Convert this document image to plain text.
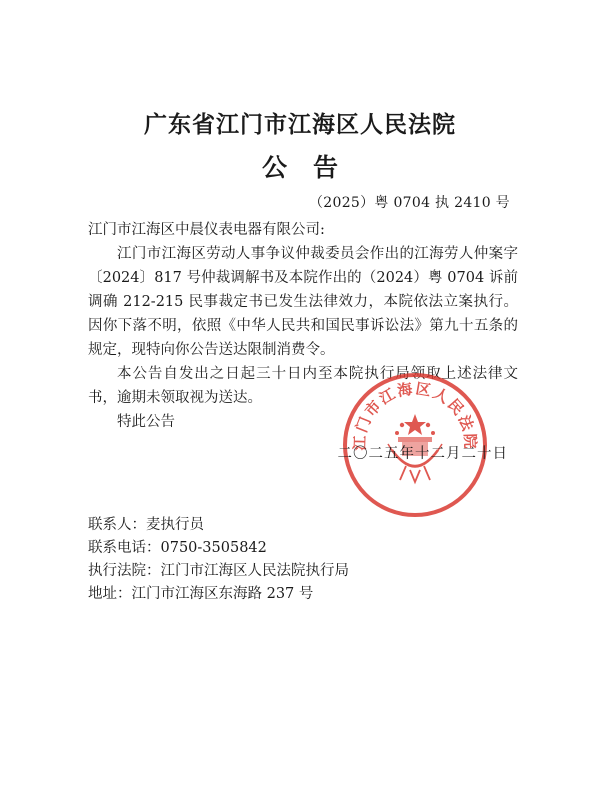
广东省江门市江海区人民法院
公告
（2025）粤 0704 执 2410 号

江门市江海区中晨仪表电器有限公司:

江门市江海区劳动人事争议仲裁委员会作出的江海劳人仲案字〔2024〕817 号仲裁调解书及本院作出的（2024）粤 0704 诉前调确 212-215 民事裁定书已发生法律效力，本院依法立案执行。因你下落不明，依照《中华人民共和国民事诉讼法》第九十五条的规定，现特向你公告送达限制消费令。

本公告自发出之日起三十日内至本院执行局领取上述法律文书，逾期未领取视为送达。

特此公告

江门市江海区人民法院
二〇二五年十二月二十日
联系人：麦执行员
联系电话：0750-3505842
执行法院：江门市江海区人民法院执行局
地址：江门市江海区东海路 237 号
